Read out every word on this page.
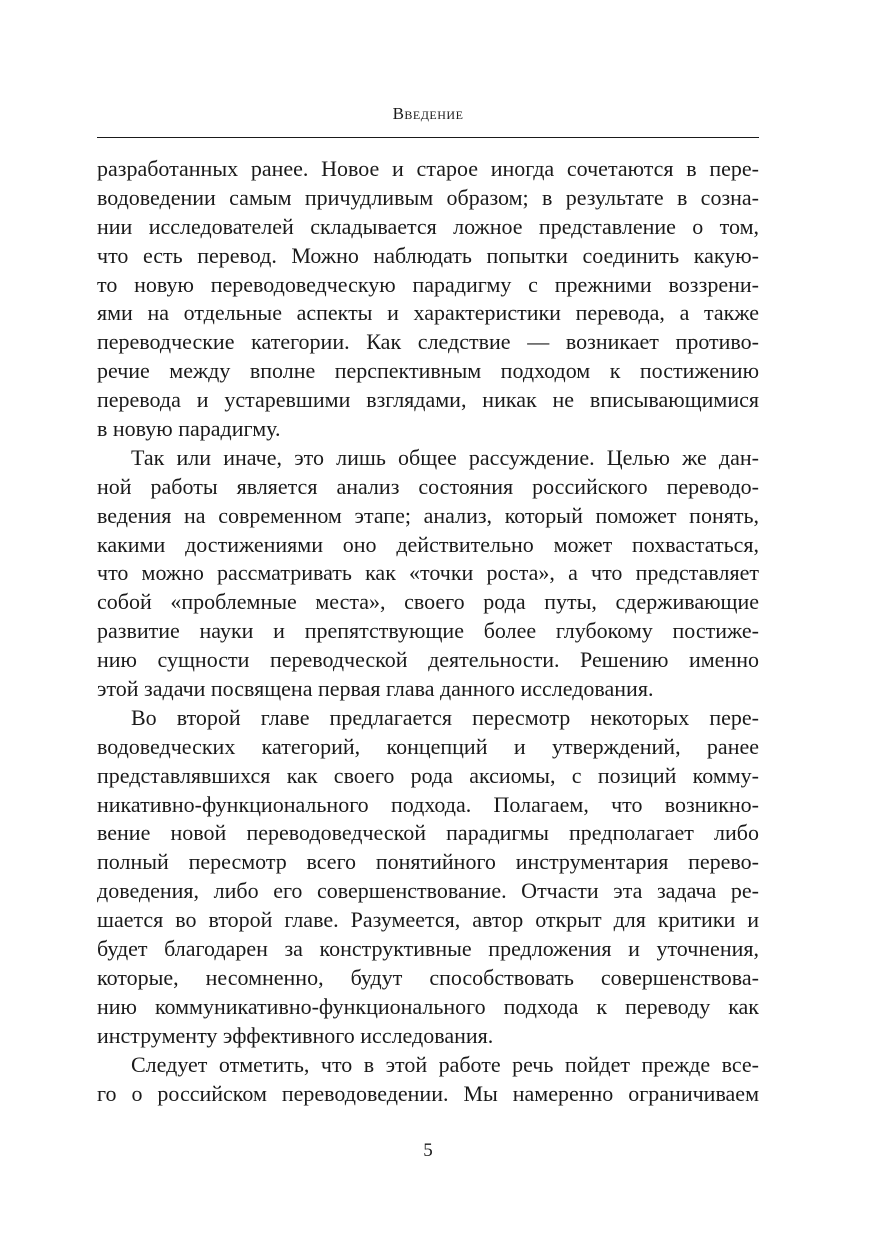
Введение

разработанных ранее. Новое и старое иногда сочетаются в пере-
водоведении самым причудливым образом; в результате в созна-
нии исследователей складывается ложное представление о том,
что есть перевод. Можно наблюдать попытки соединить какую-
то новую переводоведческую парадигму с прежними воззрени-
ями на отдельные аспекты и характеристики перевода, а также
переводческие категории. Как следствие — возникает противо-
речие между вполне перспективным подходом к постижению
перевода и устаревшими взглядами, никак не вписывающимися
в новую парадигму.

Так или иначе, это лишь общее рассуждение. Целью же дан-
ной работы является анализ состояния российского переводо-
ведения на современном этапе; анализ, который поможет понять,
какими достижениями оно действительно может похвастаться,
что можно рассматривать как «точки роста», а что представляет
собой «проблемные места», своего рода путы, сдерживающие
развитие науки и препятствующие более глубокому постиже-
нию сущности переводческой деятельности. Решению именно
этой задачи посвящена первая глава данного исследования.

Во второй главе предлагается пересмотр некоторых пере-
водоведческих категорий, концепций и утверждений, ранее
представлявшихся как своего рода аксиомы, с позиций комму-
никативно-функционального подхода. Полагаем, что возникно-
вение новой переводоведческой парадигмы предполагает либо
полный пересмотр всего понятийного инструментария перево-
доведения, либо его совершенствование. Отчасти эта задача ре-
шается во второй главе. Разумеется, автор открыт для критики и
будет благодарен за конструктивные предложения и уточнения,
которые, несомненно, будут способствовать совершенствова-
нию коммуникативно-функционального подхода к переводу как
инструменту эффективного исследования.

Следует отметить, что в этой работе речь пойдет прежде все-
го о российском переводоведении. Мы намеренно ограничиваем

5
